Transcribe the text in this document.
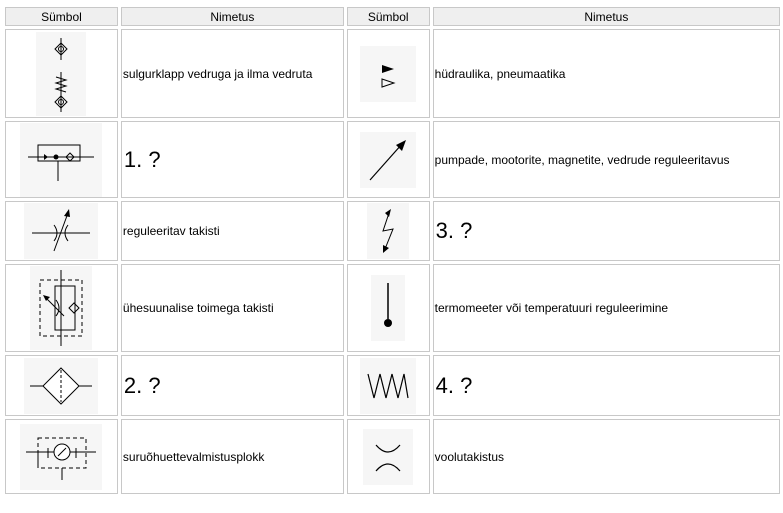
Sümbol	Nimetus	Sümbol	Nimetus

	sulgurklapp vedruga ja ilma vedruta		hüdraulika, pneumaatika

	1. ?		pumpade, mootorite, magnetite, vedrude reguleeritavus

	reguleeritav takisti		3. ?

	ühesuunalise toimega takisti		termomeeter või temperatuuri reguleerimine

	2. ?		4. ?

	suruõhuettevalmistusplokk		voolutakistus
